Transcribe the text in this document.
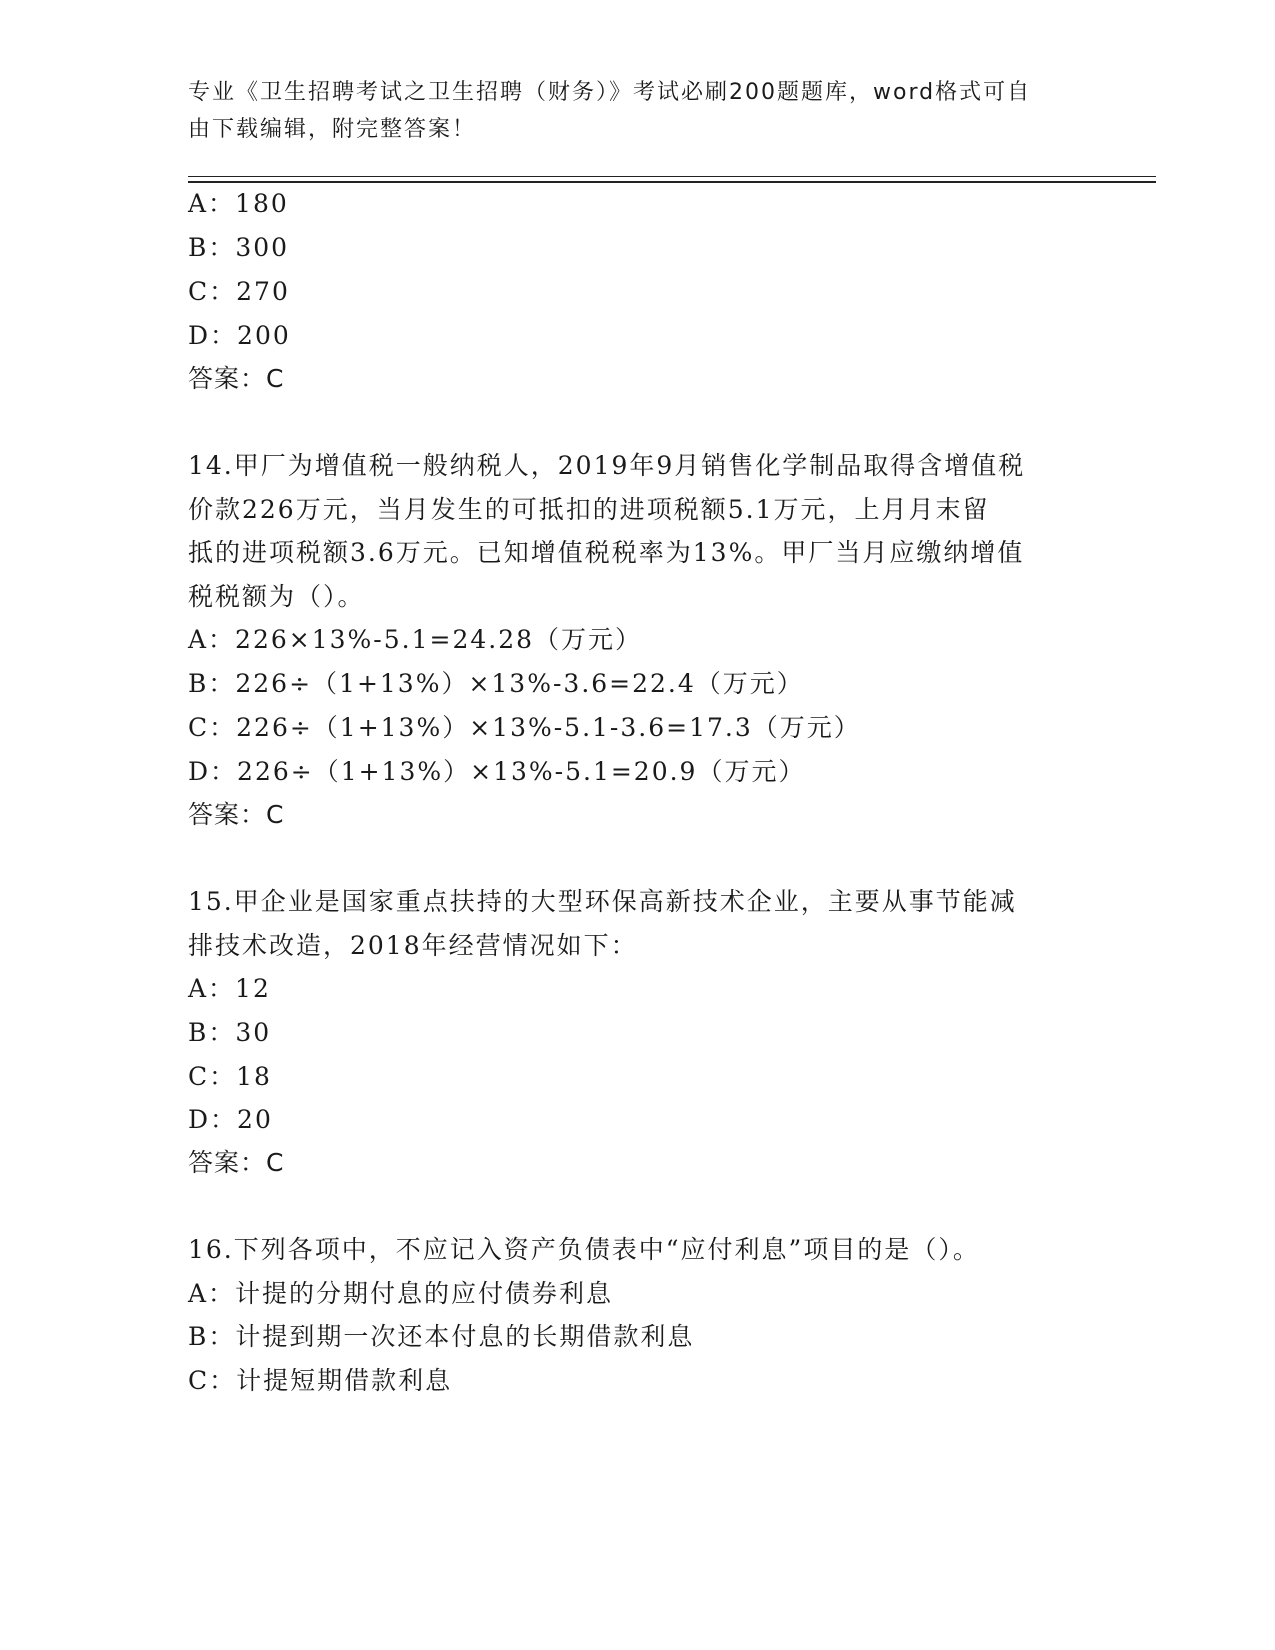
专业《卫生招聘考试之卫生招聘（财务）》考试必刷200题题库，word格式可自
由下载编辑，附完整答案！
A：180
B：300
C：270
D：200
答案：C
14.甲厂为增值税一般纳税人，2019年9月销售化学制品取得含增值税
价款226万元，当月发生的可抵扣的进项税额5.1万元，上月月末留
抵的进项税额3.6万元。已知增值税税率为13%。甲厂当月应缴纳增值
税税额为（）。
A：226×13%-5.1=24.28（万元）
B：226÷（1+13%）×13%-3.6=22.4（万元）
C：226÷（1+13%）×13%-5.1-3.6=17.3（万元）
D：226÷（1+13%）×13%-5.1=20.9（万元）
答案：C
15.甲企业是国家重点扶持的大型环保高新技术企业，主要从事节能减
排技术改造，2018年经营情况如下：
A：12
B：30
C：18
D：20
答案：C
16.下列各项中，不应记入资产负债表中“应付利息”项目的是（）。
A：计提的分期付息的应付债券利息
B：计提到期一次还本付息的长期借款利息
C：计提短期借款利息
